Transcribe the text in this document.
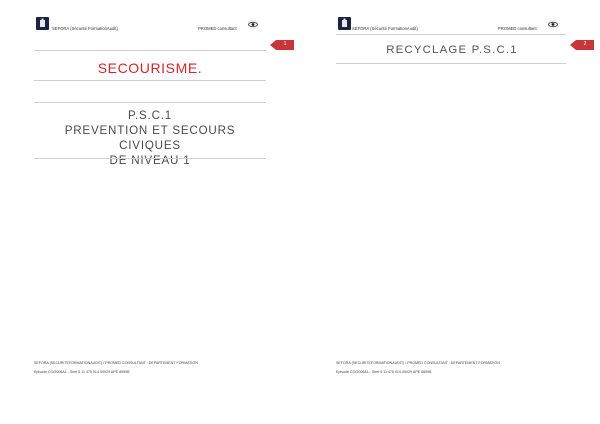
SEFORA (Sécurité FormationAudit)	PROMED consultant
SECOURISME.
P.S.C.1
PREVENTION ET SECOURS CIVIQUES
DE NIVEAU 1
1
SEFORA (SECURITEFORMATIONAUDIT) / PROMED CONSULTANT : DEPARTEMENT FORMATION
Episode CO/2006AL - Siret 5 11 475 014-00029 APE 8559B
SEFORA (Sécurité FormationAudit)	PROMED consultant
RECYCLAGE P.S.C.1	2
SEFORA (SECURITEFORMATIONAUDIT) / PROMED CONSULTANT : DEPARTEMENT FORMATION
Episode CO/2006AL - Siret 5 11 475 014-00029 APE 8559B
